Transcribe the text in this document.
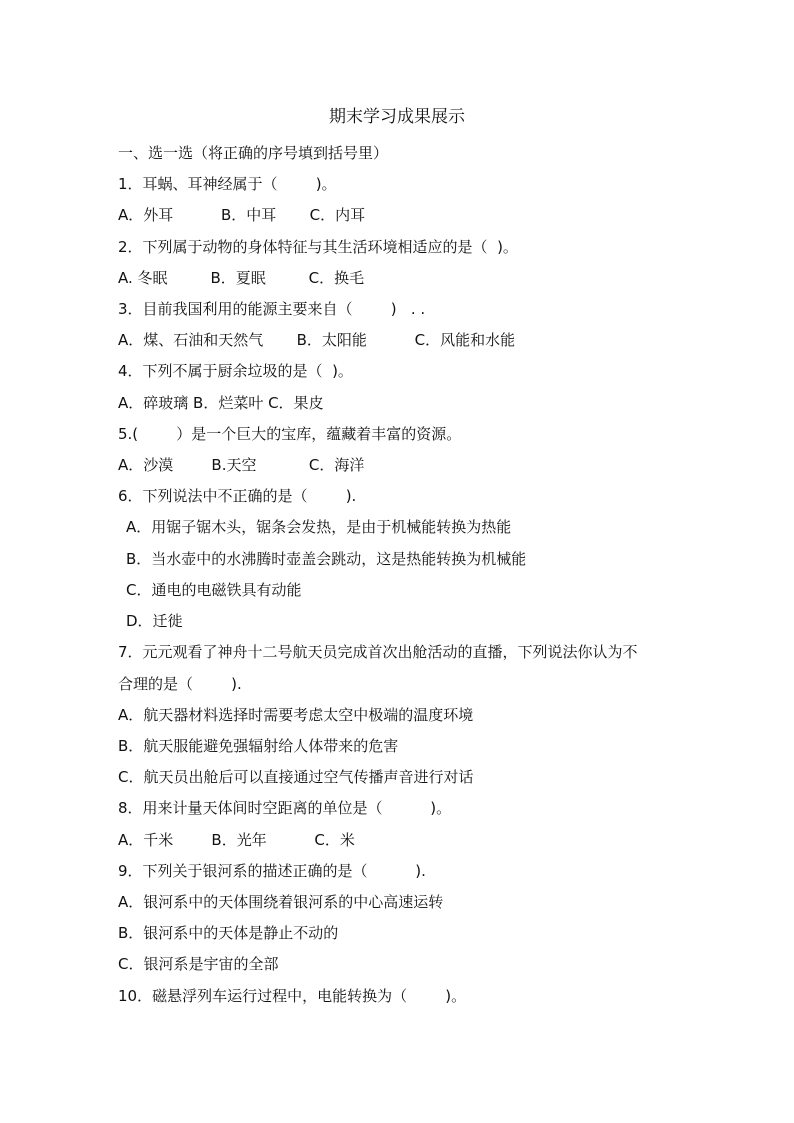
期末学习成果展示
一、选一选（将正确的序号填到括号里）
1．耳蜗、耳神经属于（        )。
A．外耳          B．中耳       C．内耳
2．下列属于动物的身体特征与其生活环境相适应的是（  )。
A. 冬眠         B．夏眠         C．换毛
3．目前我国利用的能源主要来自（        )   . .
A．煤、石油和天然气       B．太阳能          C．风能和水能
4．下列不属于厨余垃圾的是（  )。
A．碎玻璃 B．烂菜叶 C．果皮
5.(        ）是一个巨大的宝库，蕴藏着丰富的资源。
A．沙漠        B.天空           C．海洋
6．下列说法中不正确的是（        ).
A．用锯子锯木头，锯条会发热，是由于机械能转换为热能
B．当水壶中的水沸腾时壶盖会跳动，这是热能转换为机械能
C．通电的电磁铁具有动能
D．迁徙
7．元元观看了神舟十二号航天员完成首次出舱活动的直播，下列说法你认为不
合理的是（        ).
A．航天器材料选择时需要考虑太空中极端的温度环境
B．航天服能避免强辐射给人体带来的危害
C．航天员出舱后可以直接通过空气传播声音进行对话
8．用来计量天体间时空距离的单位是（          )。
A．千米        B．光年          C．米
9．下列关于银河系的描述正确的是（          ).
A．银河系中的天体围绕着银河系的中心高速运转
B．银河系中的天体是静止不动的
C．银河系是宇宙的全部
10．磁悬浮列车运行过程中，电能转换为（        )。
